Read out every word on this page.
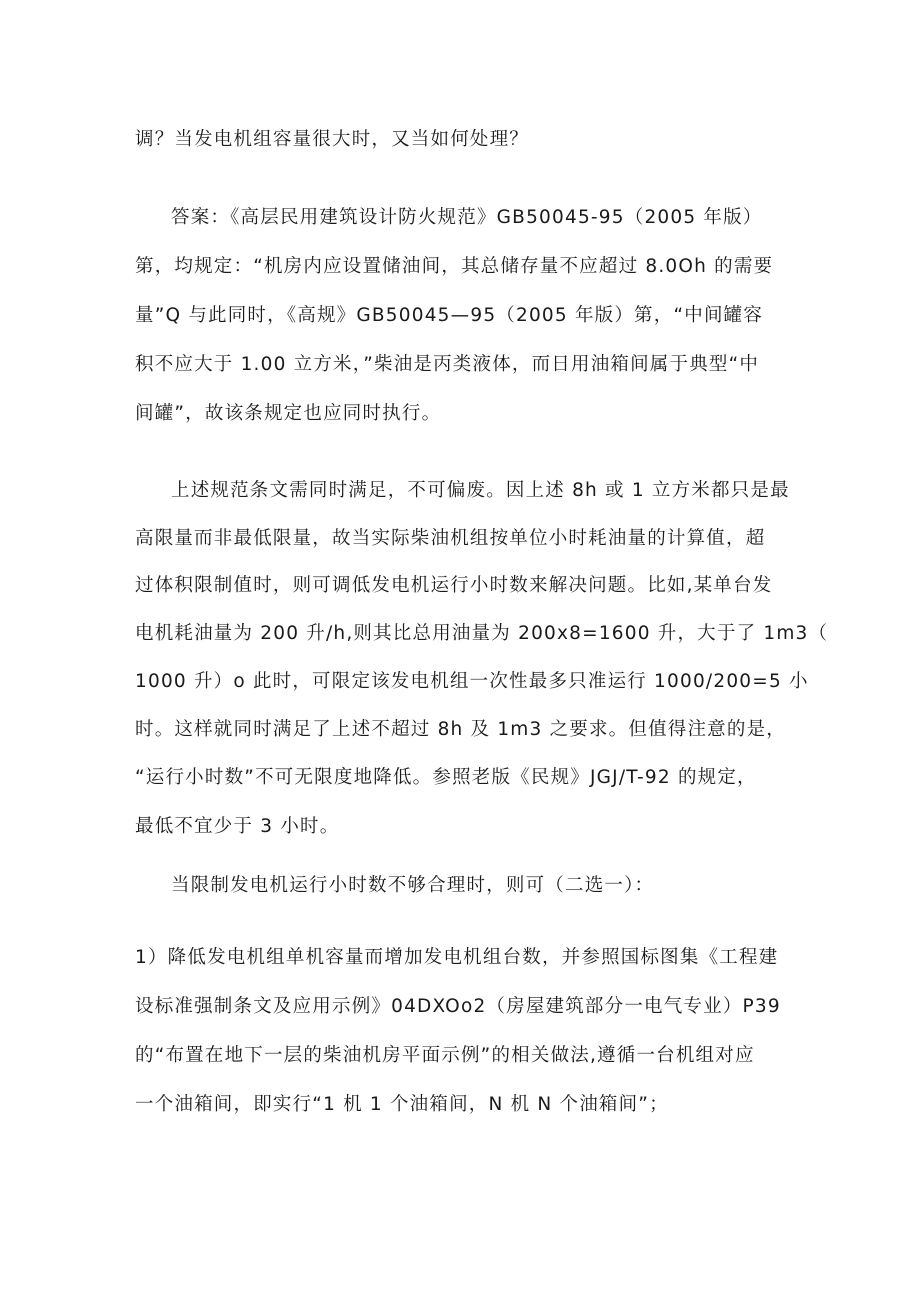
调？当发电机组容量很大时，又当如何处理？

答案：《高层民用建筑设计防火规范》GB50045-95（2005 年版）

第，均规定：“机房内应设置储油间，其总储存量不应超过 8.0Oh 的需要

量”Q 与此同时，《高规》GB50045—95（2005 年版）第，“中间罐容

积不应大于 1.00 立方米，”柴油是丙类液体，而日用油箱间属于典型“中

间罐”，故该条规定也应同时执行。

上述规范条文需同时满足，不可偏废。因上述 8h 或 1 立方米都只是最

高限量而非最低限量，故当实际柴油机组按单位小时耗油量的计算值，超

过体积限制值时，则可调低发电机运行小时数来解决问题。比如,某单台发

电机耗油量为 200 升/h,则其比总用油量为 200x8=1600 升，大于了 1m3（

1000 升）o 此时，可限定该发电机组一次性最多只准运行 1000/200=5 小

时。这样就同时满足了上述不超过 8h 及 1m3 之要求。但值得注意的是，

“运行小时数”不可无限度地降低。参照老版《民规》JGJ/T-92 的规定，

最低不宜少于 3 小时。

当限制发电机运行小时数不够合理时，则可（二选一）：

1）降低发电机组单机容量而增加发电机组台数，并参照国标图集《工程建

设标准强制条文及应用示例》04DXOo2（房屋建筑部分一电气专业）P39

的“布置在地下一层的柴油机房平面示例”的相关做法,遵循一台机组对应

一个油箱间，即实行“1 机 1 个油箱间，N 机 N 个油箱间”；
